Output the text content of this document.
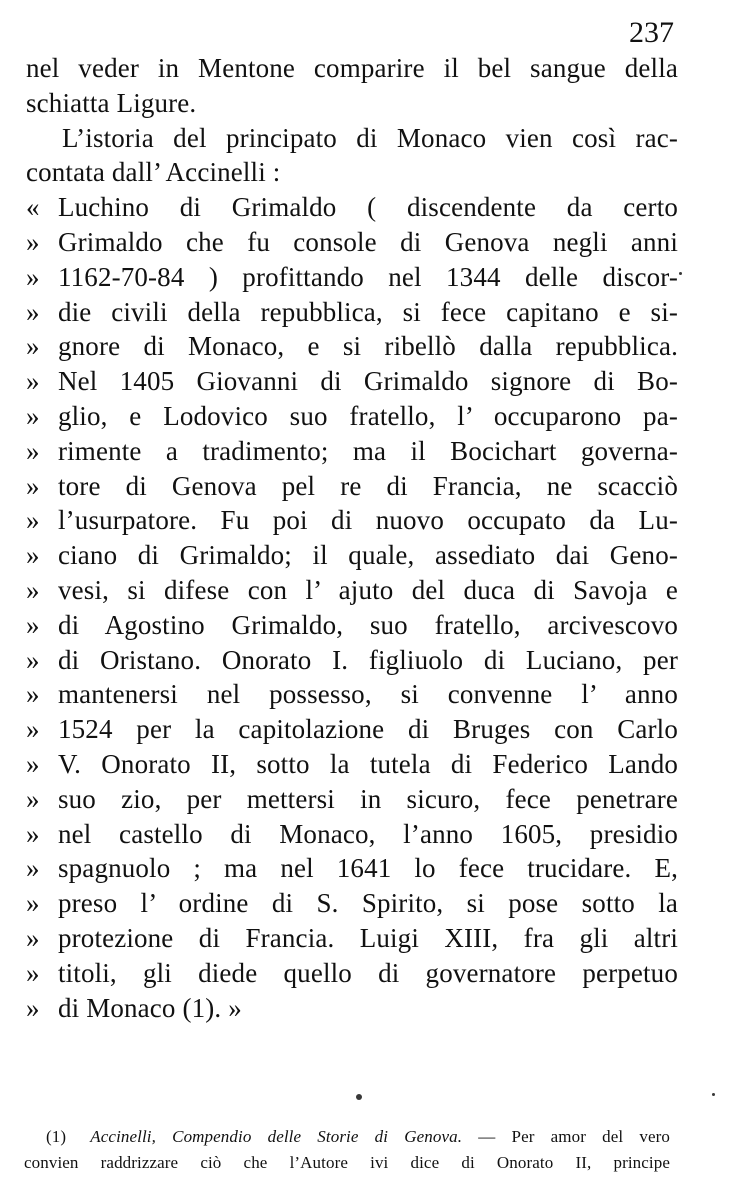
237
nel veder in Mentone comparire il bel sangue della
schiatta Ligure.
L’istoria del principato di Monaco vien così rac-
contata dall’ Accinelli :
« Luchino di Grimaldo ( discendente da certo
» Grimaldo che fu console di Genova negli anni
» 1162-70-84 ) profittando nel 1344 delle discor-
» die civili della repubblica, si fece capitano e si-
» gnore di Monaco, e si ribellò dalla repubblica.
» Nel 1405 Giovanni di Grimaldo signore di Bo-
» glio, e Lodovico suo fratello, l’ occuparono pa-
» rimente a tradimento; ma il Bocichart governa-
» tore di Genova pel re di Francia, ne scacciò
» l’usurpatore. Fu poi di nuovo occupato da Lu-
» ciano di Grimaldo; il quale, assediato dai Geno-
» vesi, si difese con l’ ajuto del duca di Savoja e
» di Agostino Grimaldo, suo fratello, arcivescovo
» di Oristano. Onorato I. figliuolo di Luciano, per
» mantenersi nel possesso, si convenne l’ anno
» 1524 per la capitolazione di Bruges con Carlo
» V. Onorato II, sotto la tutela di Federico Lando
» suo zio, per mettersi in sicuro, fece penetrare
» nel castello di Monaco, l’anno 1605, presidio
» spagnuolo ; ma nel 1641 lo fece trucidare. E,
» preso l’ ordine di S. Spirito, si pose sotto la
» protezione di Francia. Luigi XIII, fra gli altri
» titoli, gli diede quello di governatore perpetuo
» di Monaco (1). »
(1) Accinelli, Compendio delle Storie di Genova. — Per amor del vero
convien raddrizzare ciò che l’Autore ivi dice di Onorato II, principe
